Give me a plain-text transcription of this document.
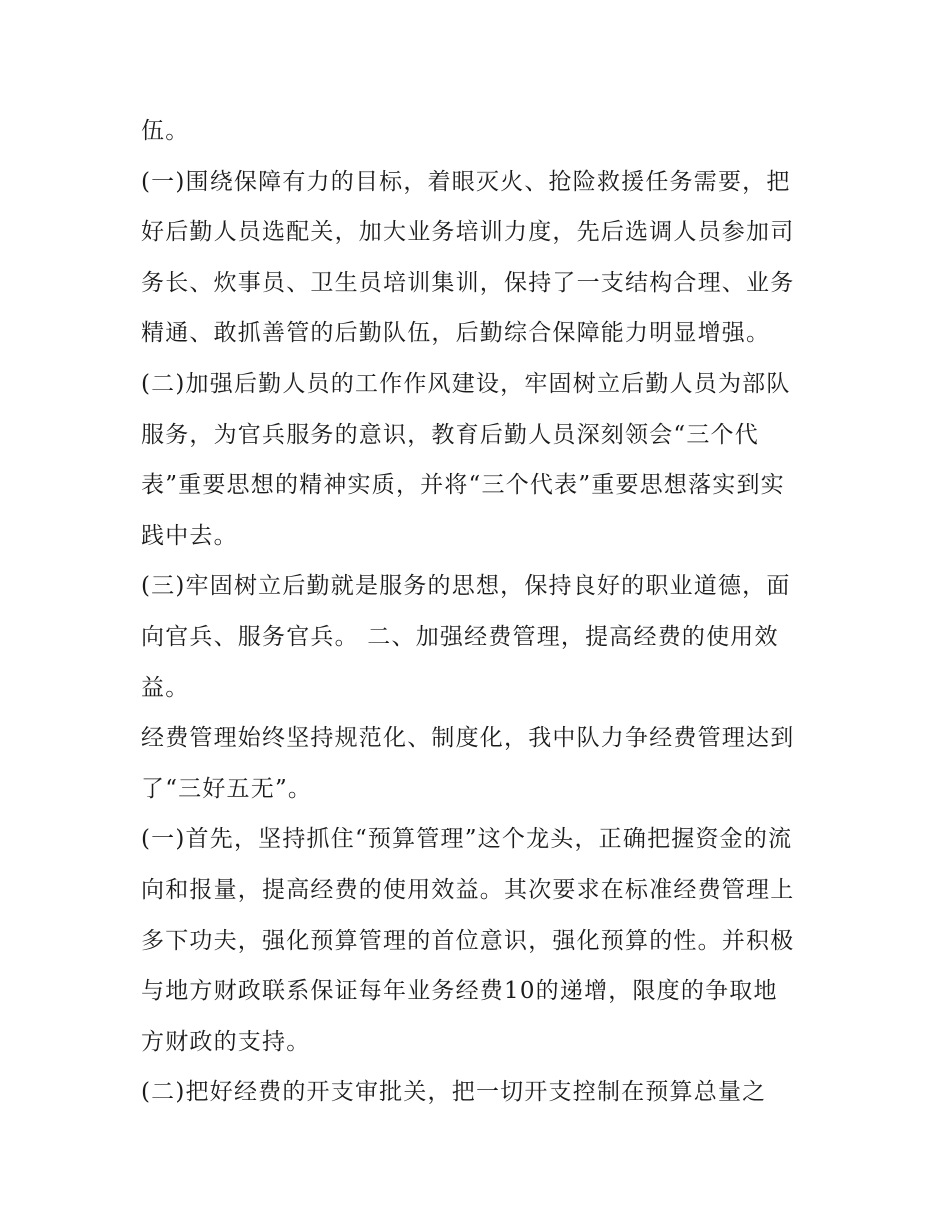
伍。
(一)围绕保障有力的目标，着眼灭火、抢险救援任务需要，把
好后勤人员选配关，加大业务培训力度，先后选调人员参加司
务长、炊事员、卫生员培训集训，保持了一支结构合理、业务
精通、敢抓善管的后勤队伍，后勤综合保障能力明显增强。
(二)加强后勤人员的工作作风建设，牢固树立后勤人员为部队
服务，为官兵服务的意识，教育后勤人员深刻领会“三个代
表”重要思想的精神实质，并将“三个代表”重要思想落实到实
践中去。
(三)牢固树立后勤就是服务的思想，保持良好的职业道德，面
向官兵、服务官兵。 二、加强经费管理，提高经费的使用效
益。
经费管理始终坚持规范化、制度化，我中队力争经费管理达到
了“三好五无”。
(一)首先，坚持抓住“预算管理”这个龙头，正确把握资金的流
向和报量，提高经费的使用效益。其次要求在标准经费管理上
多下功夫，强化预算管理的首位意识，强化预算的性。并积极
与地方财政联系保证每年业务经费10的递增，限度的争取地
方财政的支持。
(二)把好经费的开支审批关，把一切开支控制在预算总量之
